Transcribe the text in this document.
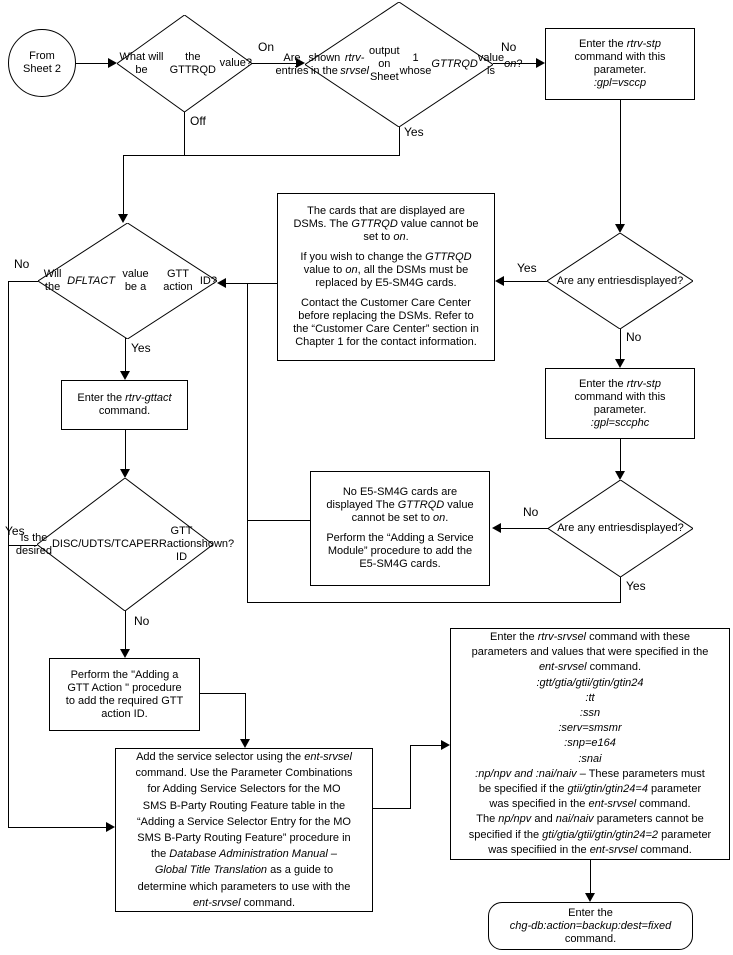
On
Off
No
Yes
Yes
No
No
Yes
No
Yes
Yes
No
From
Sheet 2
What will be

the GTTRQD

value?	Are entries

shown in the

rtrv-srvsel
output on Sheet

1 whose
GTTRQD

value is
on ?
Enter the rtrv-stp
command with this
parameter.
:gpl=vsccp
Will the

DFLTACT
value be a

GTT action

ID?
The cards that are displayed are
DSMs. The GTTRQD value cannot be
set to on.
If you wish to change the GTTRQD
value to on, all the DSMs must be
replaced by E5-SM4G cards.
Contact the Customer Care Center
before replacing the DSMs. Refer to
the “Customer Care Center” section in
Chapter 1 for the contact information.
Are any entries displayed?
Enter the rtrv-stp
command with this
parameter.
:gpl=sccphc
Enter the rtrv-gttact
command.
No E5-SM4G cards are
displayed The GTTRQD value
cannot be set to on.
Perform the “Adding a Service
Module” procedure to add the
E5-SM4G cards.
Are any entries displayed?
Is the desired

DISC/UDTS/TCAPERR

GTT action ID

shown?
Perform the "Adding a
GTT Action " procedure
to add the required GTT
action ID.
Add the service selector using the ent-srvsel
command. Use the Parameter Combinations
for Adding Service Selectors for the MO
SMS B-Party Routing Feature table in the
“Adding a Service Selector Entry for the MO
SMS B-Party Routing Feature” procedure in
the Database Administration Manual –
Global Title Translation as a guide to
determine which parameters to use with the
ent-srvsel command.
Enter the rtrv-srvsel command with these
parameters and values that were specified in the
ent-srvsel command.
:gtt/gtia/gtii/gtin/gtin24
:tt
:ssn
:serv=smsmr
:snp=e164
:snai
:np/npv and :nai/naiv – These parameters must
be specified if the gtii/gtin/gtin24=4 parameter
was specified in the ent-srvsel command.
The np/npv and nai/naiv parameters cannot be
specified if the gti/gtia/gtii/gtin/gtin24=2 parameter
was specifiied in the ent-srvsel command.
Enter the
chg-db:action=backup:dest=fixed
command.
